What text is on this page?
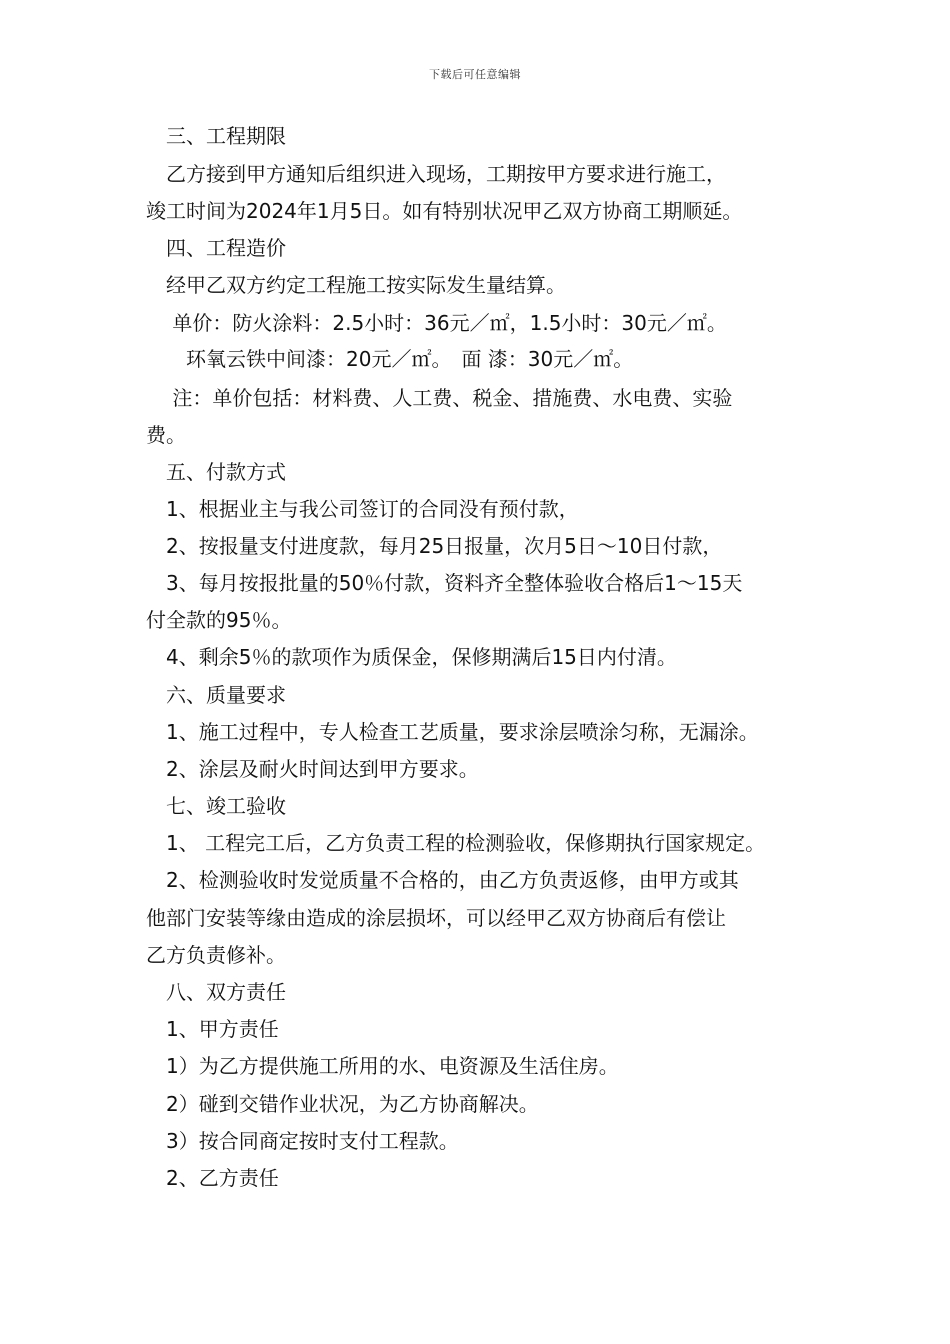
下载后可任意编辑
　三、工程期限
　乙方接到甲方通知后组织进入现场，工期按甲方要求进行施工，
竣工时间为2024年1月5日。如有特别状况甲乙双方协商工期顺延。
　四、工程造价
　经甲乙双方约定工程施工按实际发生量结算。
　 单价：防火涂料：2.5小时：36元／㎡，1.5小时：30元／㎡。
　　环氧云铁中间漆：20元／㎡。　面 漆：30元／㎡。
　 注：单价包括：材料费、人工费、税金、措施费、水电费、实验
费。
　五、付款方式
　1、根据业主与我公司签订的合同没有预付款，
　2、按报量支付进度款，每月25日报量，次月5日～10日付款，
　3、每月按报批量的50％付款，资料齐全整体验收合格后1～15天
付全款的95％。
　4、剩余5％的款项作为质保金，保修期满后15日内付清。
　六、质量要求
　1、施工过程中，专人检查工艺质量，要求涂层喷涂匀称，无漏涂。
　2、涂层及耐火时间达到甲方要求。
　七、竣工验收
　1、 工程完工后，乙方负责工程的检测验收，保修期执行国家规定。
　2、检测验收时发觉质量不合格的，由乙方负责返修，由甲方或其
他部门安装等缘由造成的涂层损坏，可以经甲乙双方协商后有偿让
乙方负责修补。
　八、双方责任
　1、甲方责任
　1）为乙方提供施工所用的水、电资源及生活住房。
　2）碰到交错作业状况，为乙方协商解决。
　3）按合同商定按时支付工程款。
　2、乙方责任
